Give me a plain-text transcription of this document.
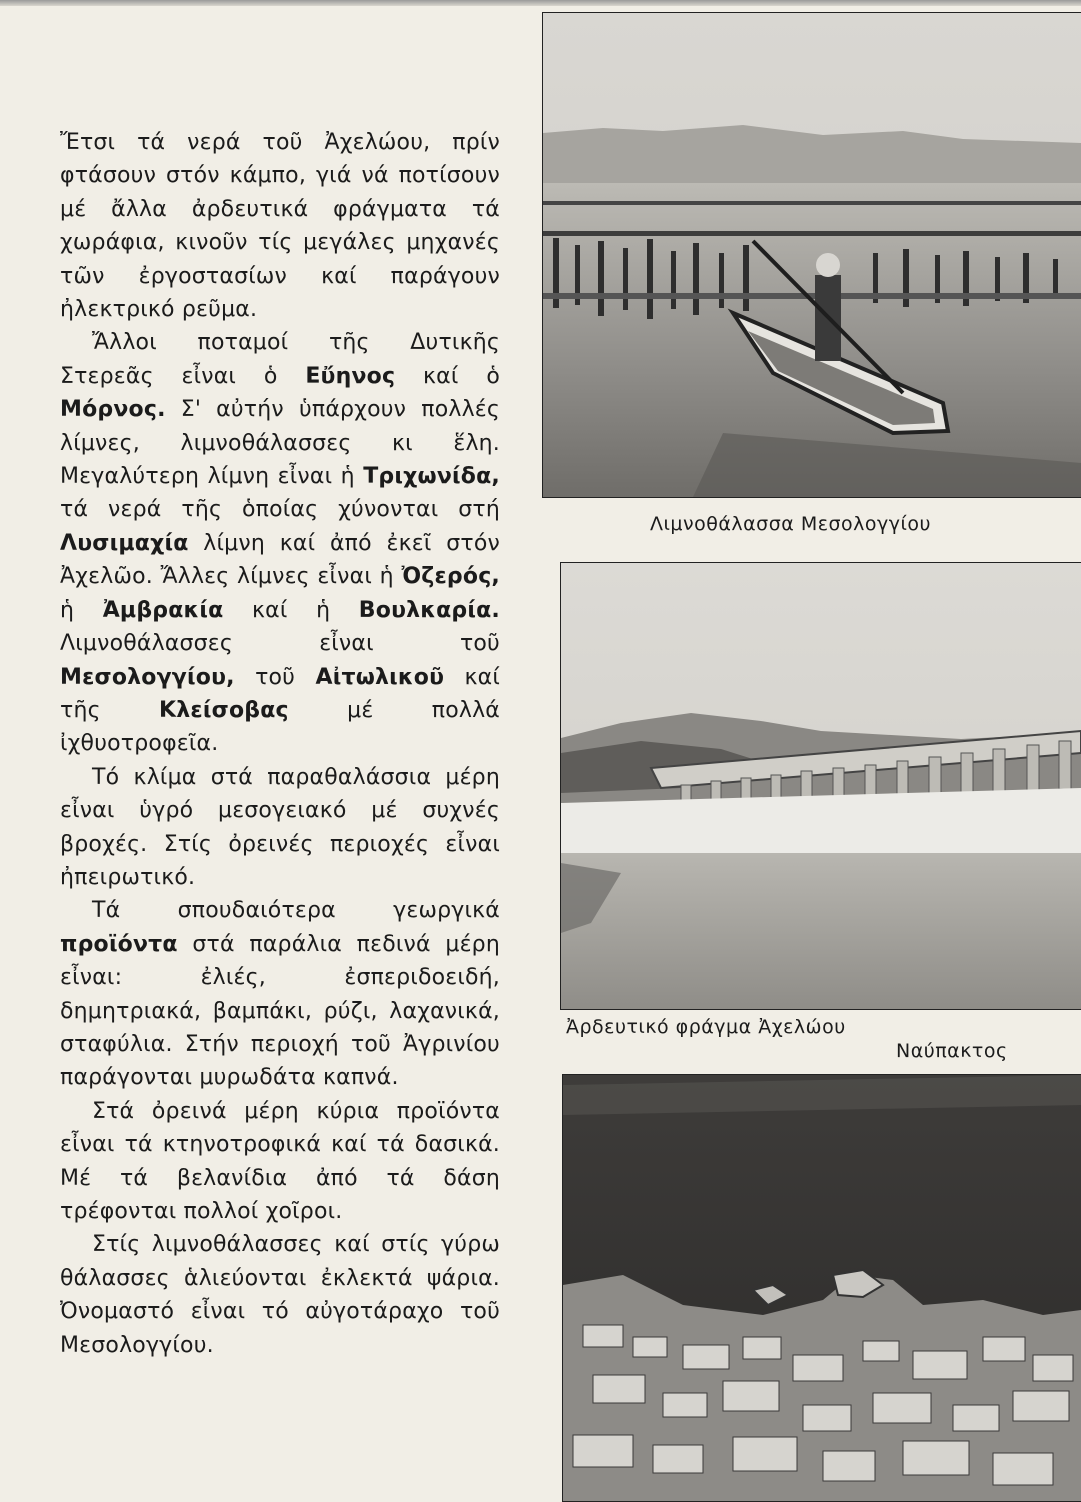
Ἔτσι τά νερά τοῦ Ἀχελώου, πρίν φτάσουν στόν κάμπο, γιά νά ποτίσουν μέ ἄλλα ἀρδευτικά φράγματα τά χωράφια, κινοῦν τίς μεγάλες μηχανές τῶν ἐργοστασίων καί παράγουν ἠλεκτρικό ρεῦμα.

Ἄλλοι ποταμοί τῆς Δυτικῆς Στερεᾶς εἶναι ὁ Εὔηνος καί ὁ Μόρνος. Σ' αὐτήν ὑπάρχουν πολλές λίμνες, λιμνοθάλασσες κι ἕλη. Μεγαλύτερη λίμνη εἶναι ἡ Τριχωνίδα, τά νερά τῆς ὁποίας χύνονται στή Λυσιμαχία λίμνη καί ἀπό ἐκεῖ στόν Ἀχελῶο. Ἄλλες λίμνες εἶναι ἡ Ὀζερός, ἡ Ἀμβρακία καί ἡ Βουλκαρία. Λιμνοθάλασσες εἶναι τοῦ Μεσολογγίου, τοῦ Αἰτωλικοῦ καί τῆς Κλείσοβας μέ πολλά ἰχθυοτροφεῖα.

Τό κλίμα στά παραθαλάσσια μέρη εἶναι ὑγρό μεσογειακό μέ συχνές βροχές. Στίς ὀρεινές περιοχές εἶναι ἠπειρωτικό.

Τά σπουδαιότερα γεωργικά προϊόντα στά παράλια πεδινά μέρη εἶναι: ἐλιές, ἐσπεριδοειδή, δημητριακά, βαμπάκι, ρύζι, λαχανικά, σταφύλια. Στήν περιοχή τοῦ Ἀγρινίου παράγονται μυρωδάτα καπνά.

Στά ὀρεινά μέρη κύρια προϊόντα εἶναι τά κτηνοτροφικά καί τά δασικά. Μέ τά βελανίδια ἀπό τά δάση τρέφονται πολλοί χοῖροι.

Στίς λιμνοθάλασσες καί στίς γύρω θάλασσες ἁλιεύονται ἐκλεκτά ψάρια. Ὀνομαστό εἶναι τό αὐγοτάραχο τοῦ Μεσολογγίου.

Λιμνοθάλασσα Μεσολογγίου
Ἀρδευτικό φράγμα Ἀχελώου
Ναύπακτος
